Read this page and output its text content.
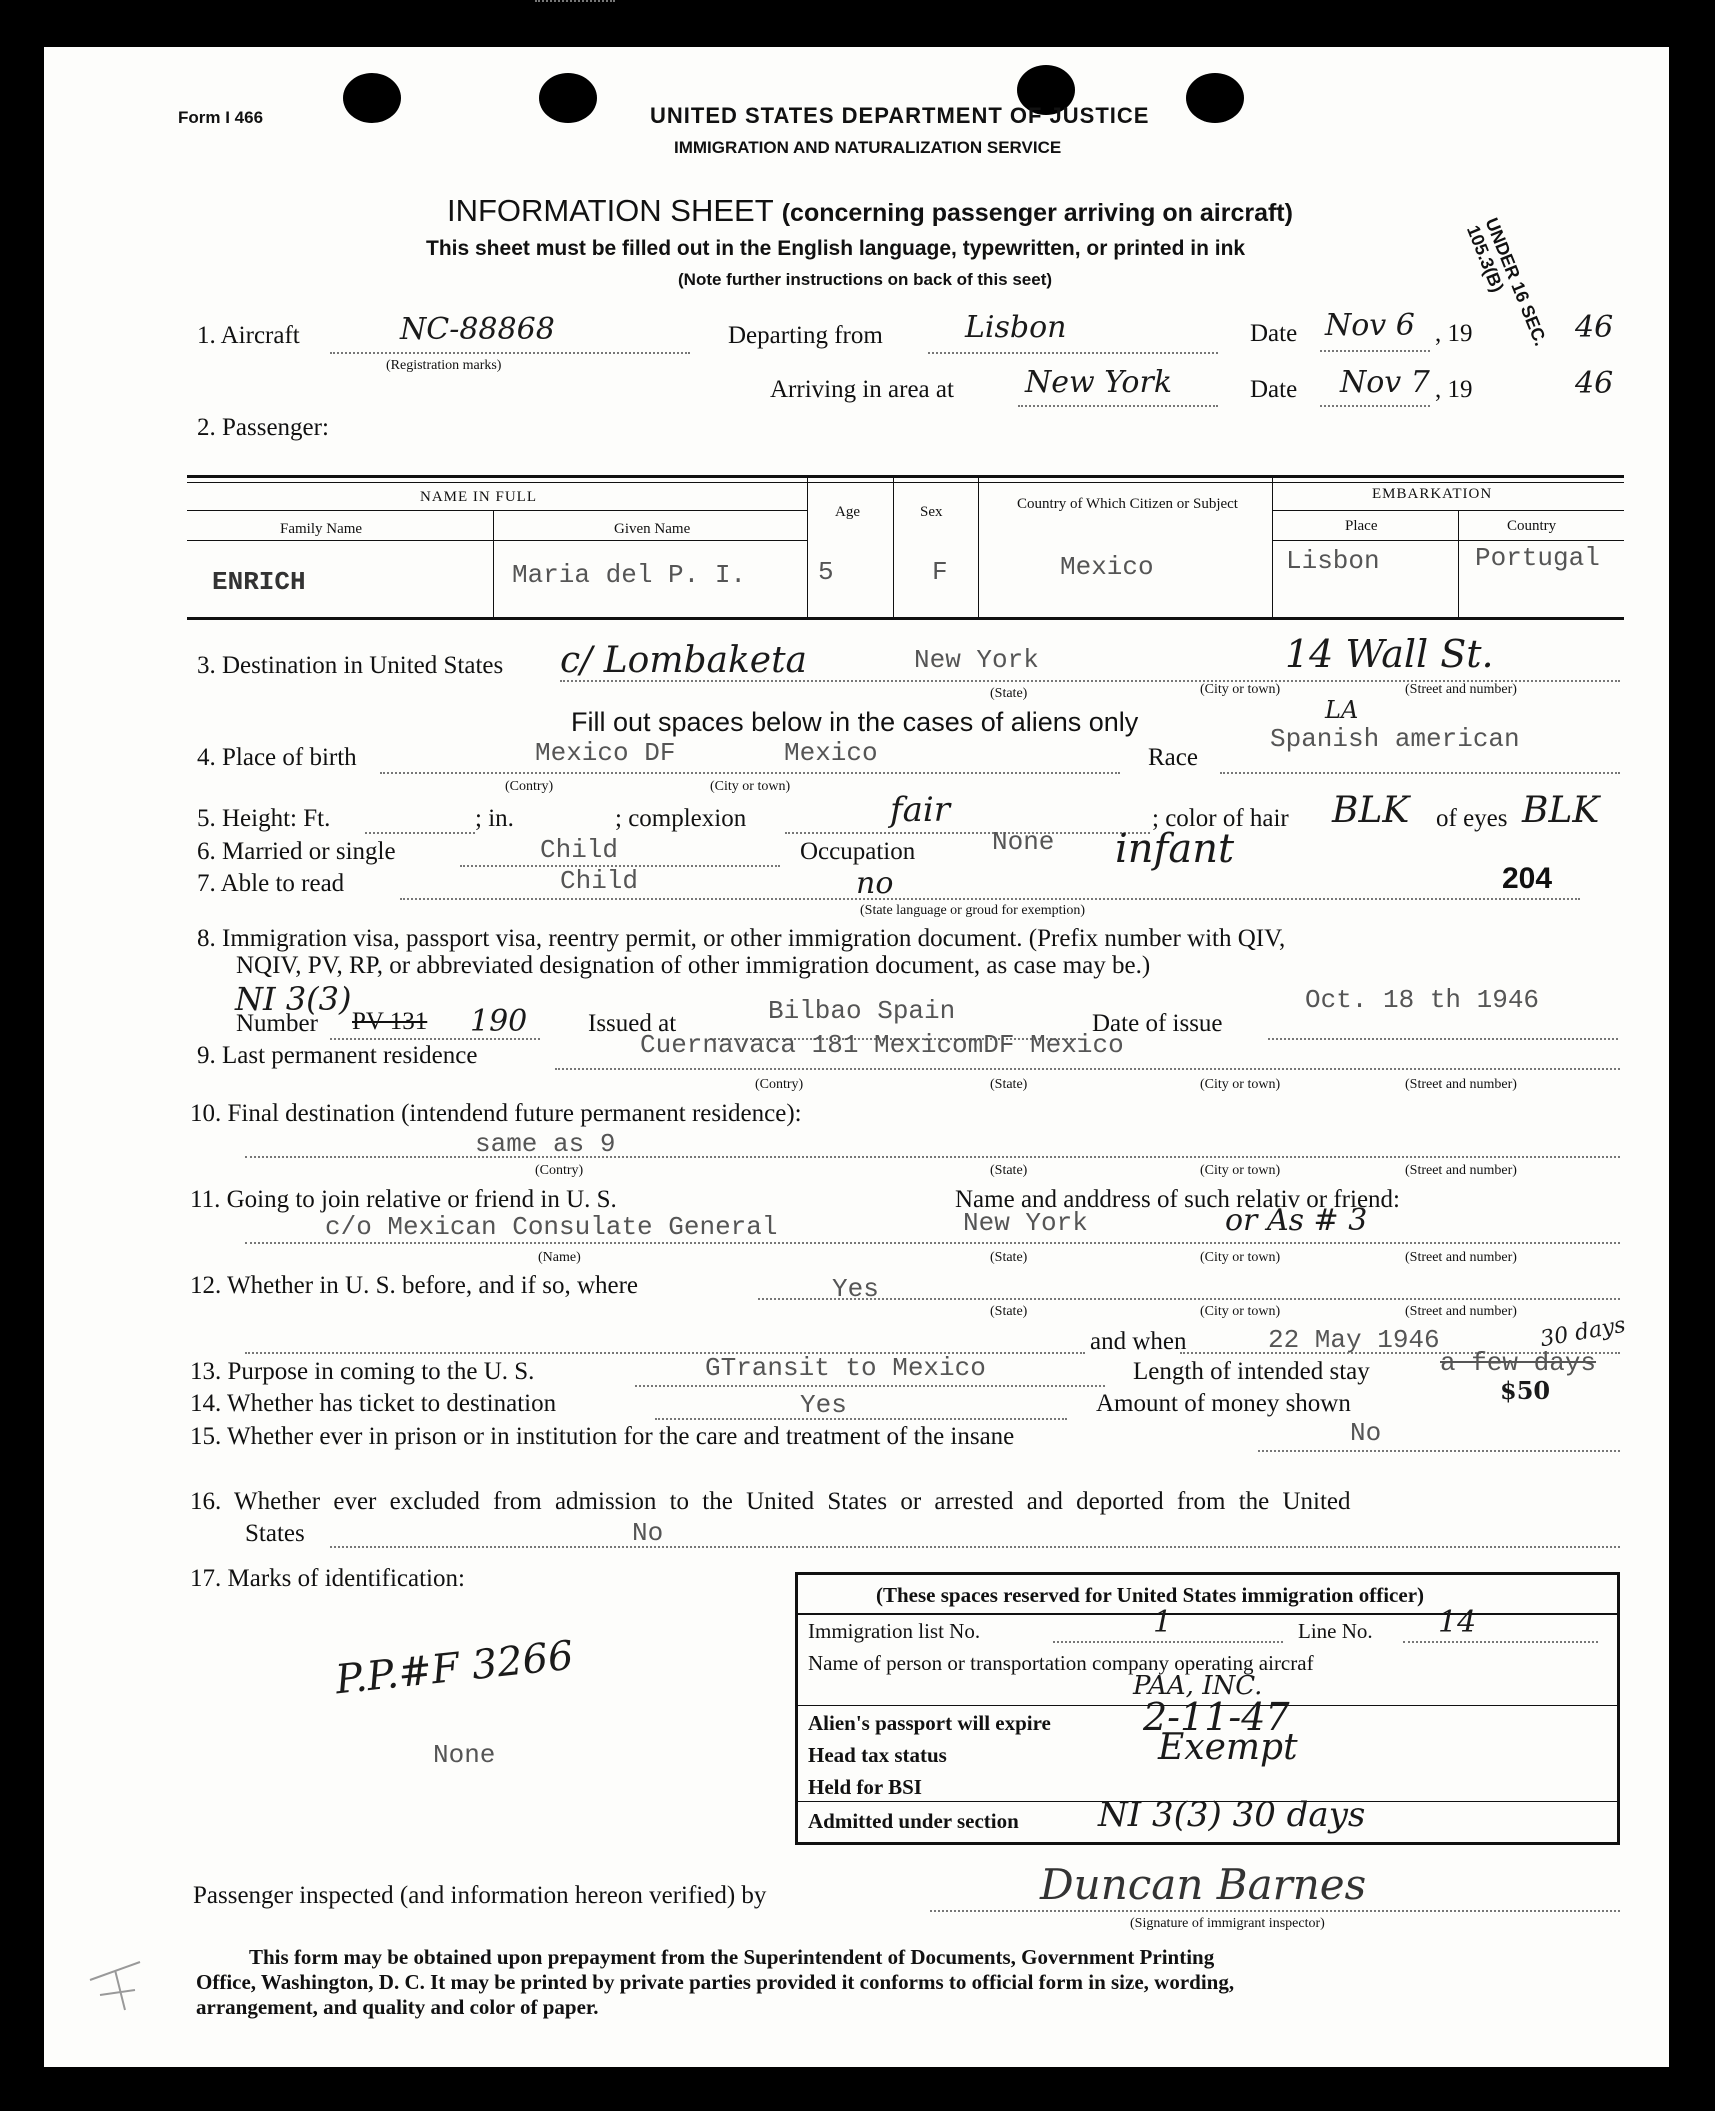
Form I 466	UNITED STATES DEPARTMENT OF JUSTICE
IMMIGRATION AND NATURALIZATION SERVICE
UNDER 16 SEC. 105.3(B)
INFORMATION SHEET (concerning passenger arriving on aircraft)
This sheet must be filled out in the English language, typewritten, or printed in ink
(Note further instructions on back of this seet)
1. Aircraft	NC-88868
(Registration marks)
Departing from	Lisbon	Date Nov 6 , 19	46
Arriving in area at New York	Date Nov 7 , 19	46
2. Passenger:
NAME IN FULL
Family Name	Given Name
Age	Sex	Country of Which Citizen or Subject
EMBARKATION
Place	Country
ENRICH	Maria del P. I.	5	F	Mexico	Lisbon	Portugal
3. Destination in United States c/ Lombaketa	New York	14 Wall St.
(State)	(City or town)	(Street and number)
Fill out spaces below in the cases of aliens only
4. Place of birth	Mexico DF	Mexico
(Contry)	(City or town)
Race
Spanish american
LA
5. Height: Ft.	; in.	; complexion	fair	; color of hair BLK of eyes BLK
6. Married or single	Child	Occupation	None infant
7. Able to read	Child	no
(State language or groud for exemption)
204
8. Immigration visa, passport visa, reentry permit, or other immigration document. (Prefix number with QIV,
NQIV, PV, RP, or abbreviated designation of other immigration document, as case may be.)
NI 3(3)
Number PV 131 190 Issued at	Bilbao Spain	Date of issue
Oct. 18 th 1946
9. Last permanent residence	Cuernavaca 181 MexicomDF Mexico
(Contry)	(State)	(City or town)	(Street and number)
10. Final destination (intendend future permanent residence):
same as 9
(Contry)	(State)	(City or town)	(Street and number)
11. Going to join relative or friend in U. S.	Name and anddress of such relativ or friend:
c/o Mexican Consulate General	New York	or As # 3
(Name)	(State)	(City or town)	(Street and number)
12. Whether in U. S. before, and if so, where	Yes
(State)	(City or town)	(Street and number)
and when	22 May 1946
13. Purpose in coming to the U. S.	GTransit to Mexico	Length of intended stay	a few days
30 days
14. Whether has ticket to destination	Yes	Amount of money shown	$50
15. Whether ever in prison or in institution for the care and treatment of the insane	No
16. Whether ever excluded from admission to the United States or arrested and deported from the United
States	No
17. Marks of identification:
P.P.#F 3266
None
(These spaces reserved for United States immigration officer)
Immigration list No.	1	Line No. 14
Name of person or transportation company operating aircraf
PAA, INC.
Alien's passport will expire 2-11-47
Head tax status	Exempt
Held for BSI
Admitted under section NI 3(3) 30 days
Passenger inspected (and information hereon verified) by	Duncan Barnes
(Signature of immigrant inspector)
This form may be obtained upon prepayment from the Superintendent of Documents, Government Printing
Office, Washington, D. C. It may be printed by private parties provided it conforms to official form in size, wording,
arrangement, and quality and color of paper.
